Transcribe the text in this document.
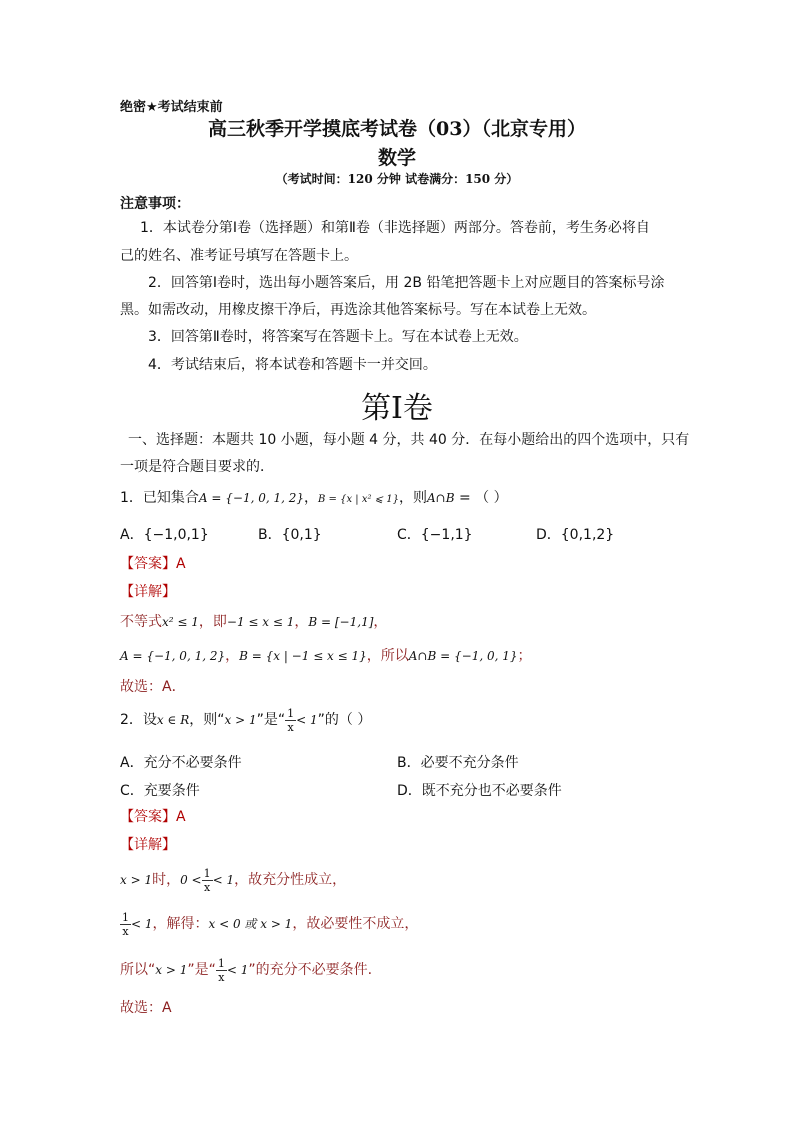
绝密★考试结束前
高三秋季开学摸底考试卷（03）（北京专用）
数学
（考试时间：120 分钟 试卷满分：150 分）
注意事项：
1．本试卷分第Ⅰ卷（选择题）和第Ⅱ卷（非选择题）两部分。答卷前，考生务必将自
己的姓名、准考证号填写在答题卡上。
2．回答第Ⅰ卷时，选出每小题答案后，用 2B 铅笔把答题卡上对应题目的答案标号涂
黑。如需改动，用橡皮擦干净后，再选涂其他答案标号。写在本试卷上无效。
3．回答第Ⅱ卷时，将答案写在答题卡上。写在本试卷上无效。
4．考试结束后，将本试卷和答题卡一并交回。
第Ⅰ卷
一、选择题：本题共 10 小题，每小题 4 分，共 40 分．在每小题给出的四个选项中，只有
一项是符合题目要求的．
1．已知集合A = {−1, 0, 1, 2}，B = {x | x² ⩽ 1}，则A∩B = （ ）
A．{−1,0,1}	B．{0,1}	C．{−1,1}	D．{0,1,2}
【答案】A
【详解】
不等式x² ≤ 1，即−1 ≤ x ≤ 1，B = [−1,1]，
A = {−1, 0, 1, 2}，B = {x | −1 ≤ x ≤ 1}，所以A∩B = {−1, 0, 1}；
故选：A．
2．设x ∈ R，则“x > 1”是“ $\frac{1}{x} < 1$”的（ ）
A．充分不必要条件	B．必要不充分条件
C．充要条件	D．既不充分也不必要条件
【答案】A
【详解】
x > 1时，$0 < \frac{1}{x} < 1$，故充分性成立，
$\frac{1}{x} < 1$，解得：x < 0 或 x > 1，故必要性不成立，
所以“x > 1”是“ $\frac{1}{x} < 1$”的充分不必要条件.
故选：A
